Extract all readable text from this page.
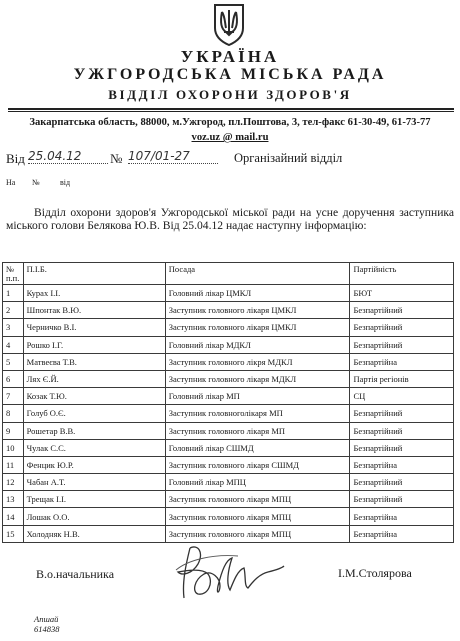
УКРАЇНА
УЖГОРОДСЬКА МІСЬКА РАДА
ВІДДІЛ ОХОРОНИ ЗДОРОВ'Я
Закарпатська область, 88000, м.Ужгород, пл.Поштова, 3, тел-факс 61-30-49, 61-73-77
voz.uz @ mail.ru
Від 25.04.12	№ 107/01-27	Організайний відділ
На №	від
Відділ охорони здоров'я Ужгородської міської ради на усне доручення заступника міського голови Белякова Ю.В. Від 25.04.12 надає наступну інформацію:
№
п.п.	П.І.Б.	Посада	Партійність
1	Курах І.І.	Головний лікар ЦМКЛ	БЮТ
2	Шпонтак В.Ю.	Заступник головного лікаря ЦМКЛ	Безпартійний
3	Черничко В.І.	Заступник головного лікаря ЦМКЛ	Безпартійний
4	Рошко І.Г.	Головний лікар МДКЛ	Безпартійний
5	Матвеєва Т.В.	Заступник головного лікря МДКЛ	Безпартійна
6	Лях Є.Й.	Заступник головного лікаря МДКЛ	Партія регіонів
7	Козак Т.Ю.	Головний лікар МП	СЦ
8	Голуб О.Є.	Заступник головноголікаря МП	Безпартійний
9	Рошетар В.В.	Заступник головного лікаря МП	Безпартійний
10	Чулак С.С.	Головний лікар СШМД	Безпартійний
11	Фенцик Ю.Р.	Заступник головного лікаря СШМД	Безпартійна
12	Чабан А.Т.	Головний лікар МПЦ	Безпартійний
13	Трещак І.І.	Заступник головного лікаря МПЦ	Безпартійний
14	Лошак О.О.	Заступник головного лікаря МПЦ	Безпартійна
15	Холодняк Н.В.	Заступник головного лікаря МПЦ	Безпартійна
В.о.начальника	І.М.Столярова
Апшай
614838
